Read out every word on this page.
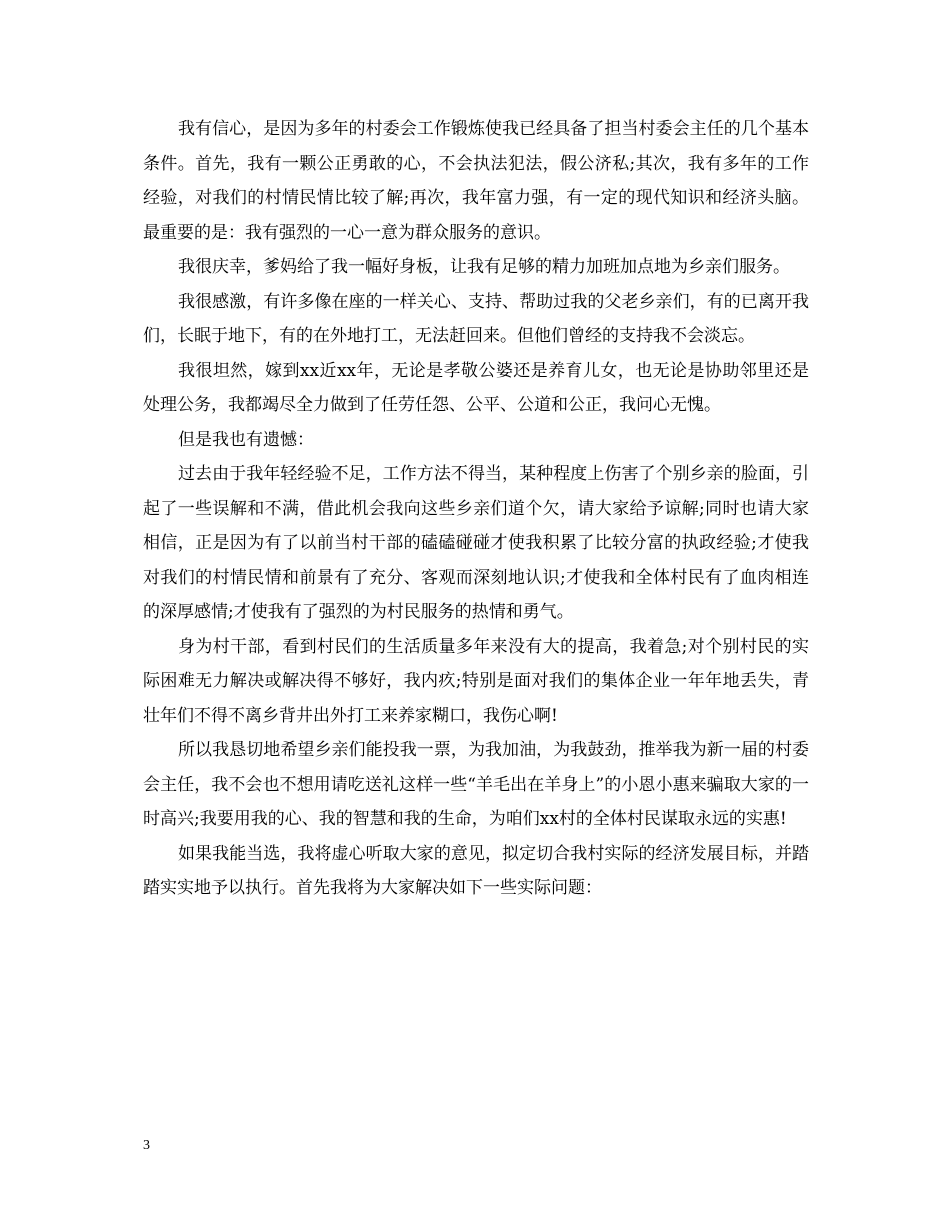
我有信心，是因为多年的村委会工作锻炼使我已经具备了担当村委会主任的几个基本条件。首先，我有一颗公正勇敢的心，不会执法犯法，假公济私;其次，我有多年的工作经验，对我们的村情民情比较了解;再次，我年富力强，有一定的现代知识和经济头脑。最重要的是：我有强烈的一心一意为群众服务的意识。

我很庆幸，爹妈给了我一幅好身板，让我有足够的精力加班加点地为乡亲们服务。

我很感激，有许多像在座的一样关心、支持、帮助过我的父老乡亲们，有的已离开我们，长眠于地下，有的在外地打工，无法赶回来。但他们曾经的支持我不会淡忘。

我很坦然，嫁到xx近xx年，无论是孝敬公婆还是养育儿女，也无论是协助邻里还是处理公务，我都竭尽全力做到了任劳任怨、公平、公道和公正，我问心无愧。

但是我也有遗憾：

过去由于我年轻经验不足，工作方法不得当，某种程度上伤害了个别乡亲的脸面，引起了一些误解和不满，借此机会我向这些乡亲们道个欠，请大家给予谅解;同时也请大家相信，正是因为有了以前当村干部的磕磕碰碰才使我积累了比较分富的执政经验;才使我对我们的村情民情和前景有了充分、客观而深刻地认识;才使我和全体村民有了血肉相连的深厚感情;才使我有了强烈的为村民服务的热情和勇气。

身为村干部，看到村民们的生活质量多年来没有大的提高，我着急;对个别村民的实际困难无力解决或解决得不够好，我内疚;特别是面对我们的集体企业一年年地丢失，青壮年们不得不离乡背井出外打工来养家糊口，我伤心啊!

所以我恳切地希望乡亲们能投我一票，为我加油，为我鼓劲，推举我为新一届的村委会主任，我不会也不想用请吃送礼这样一些“羊毛出在羊身上”的小恩小惠来骗取大家的一时高兴;我要用我的心、我的智慧和我的生命，为咱们xx村的全体村民谋取永远的实惠!

如果我能当选，我将虚心听取大家的意见，拟定切合我村实际的经济发展目标，并踏踏实实地予以执行。首先我将为大家解决如下一些实际问题：

3
